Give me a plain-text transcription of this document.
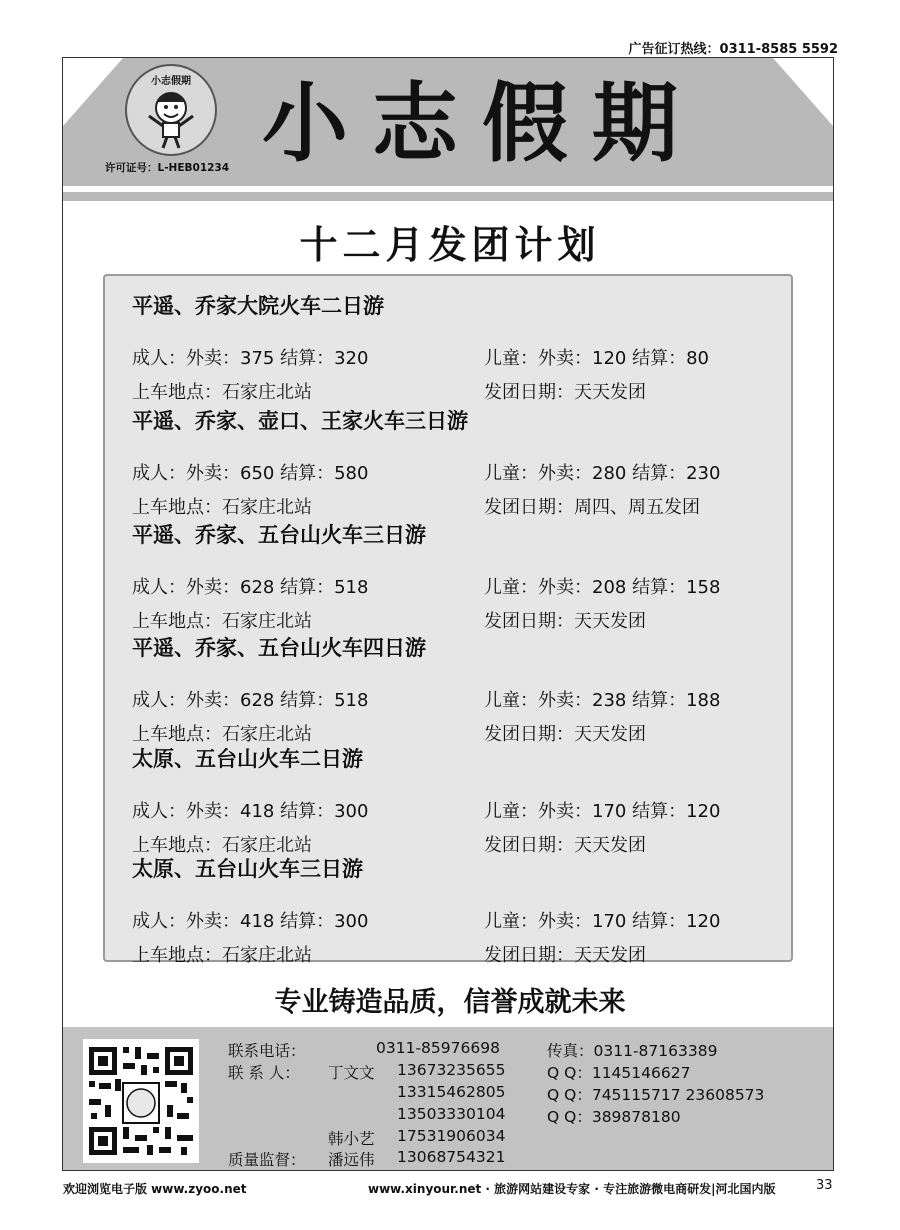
广告征订热线：0311-8585 5592
小志假期
许可证号：L-HEB01234 小志假期
十二月发团计划
平遥、乔家大院火车二日游
成人：外卖：375 结算：320	儿童：外卖：120 结算：80
上车地点：石家庄北站	发团日期：天天发团
平遥、乔家、壶口、王家火车三日游
成人：外卖：650 结算：580	儿童：外卖：280 结算：230
上车地点：石家庄北站	发团日期：周四、周五发团
平遥、乔家、五台山火车三日游
成人：外卖：628 结算：518	儿童：外卖：208 结算：158
上车地点：石家庄北站	发团日期：天天发团
平遥、乔家、五台山火车四日游
成人：外卖：628 结算：518	儿童：外卖：238 结算：188
上车地点：石家庄北站	发团日期：天天发团
太原、五台山火车二日游
成人：外卖：418 结算：300	儿童：外卖：170 结算：120
上车地点：石家庄北站	发团日期：天天发团
太原、五台山火车三日游
成人：外卖：418 结算：300	儿童：外卖：170 结算：120
上车地点：石家庄北站	发团日期：天天发团
专业铸造品质，信誉成就未来
联系电话：	0311-85976698	传真：0311-87163389
联 系 人： 丁文文 13673235655	Q Q：1145146627
13315462805	Q Q：745115717 23608573
13503330104	Q Q：389878180
韩小艺 17531906034
质量监督： 潘远伟 13068754321
欢迎浏览电子版 www.zyoo.net	www.xinyour.net · 旅游网站建设专家 · 专注旅游微电商研发|河北国内版	33
